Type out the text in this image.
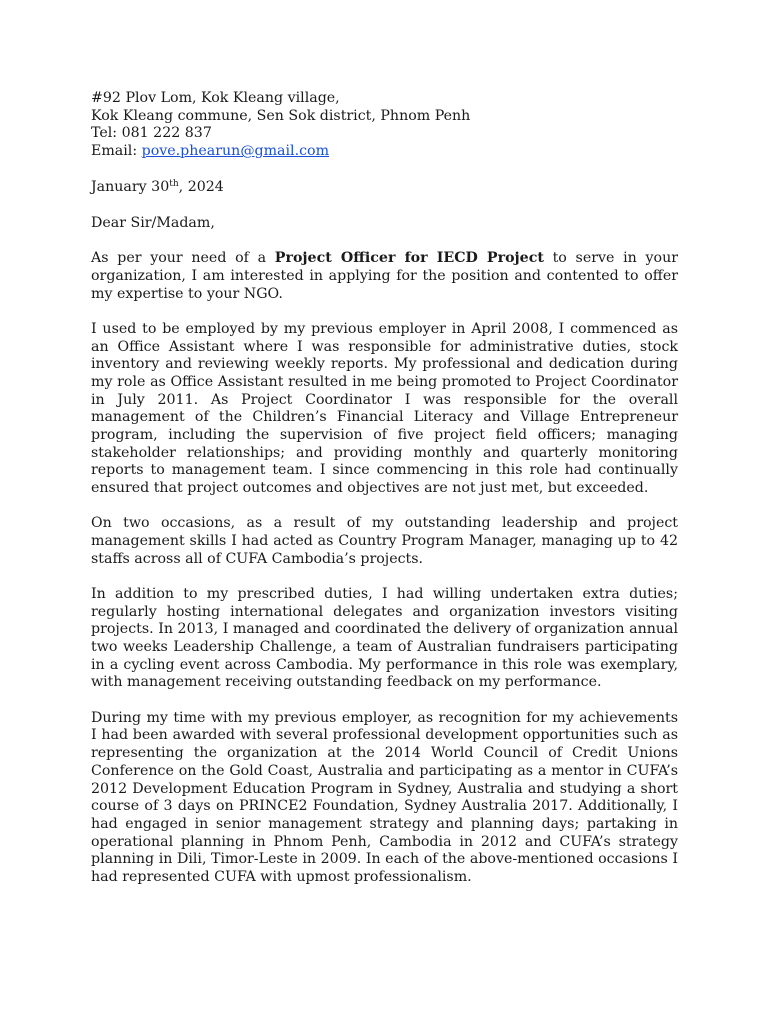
#92 Plov Lom, Kok Kleang village,
Kok Kleang commune, Sen Sok district, Phnom Penh
Tel: 081 222 837
Email: pove.phearun@gmail.com
January 30th, 2024
Dear Sir/Madam,

As per your need of a Project Officer for IECD Project to serve in your organization, I am interested in applying for the position and contented to offer my expertise to your NGO.

I used to be employed by my previous employer in April 2008, I commenced as an Office Assistant where I was responsible for administrative duties, stock inventory and reviewing weekly reports. My professional and dedication during my role as Office Assistant resulted in me being promoted to Project Coordinator in July 2011. As Project Coordinator I was responsible for the overall management of the Children’s Financial Literacy and Village Entrepreneur program, including the supervision of five project field officers; managing stakeholder relationships; and providing monthly and quarterly monitoring reports to management team. I since commencing in this role had continually ensured that project outcomes and objectives are not just met, but exceeded.

On two occasions, as a result of my outstanding leadership and project management skills I had acted as Country Program Manager, managing up to 42 staffs across all of CUFA Cambodia’s projects.

In addition to my prescribed duties, I had willing undertaken extra duties; regularly hosting international delegates and organization investors visiting projects. In 2013, I managed and coordinated the delivery of organization annual two weeks Leadership Challenge, a team of Australian fundraisers participating in a cycling event across Cambodia. My performance in this role was exemplary, with management receiving outstanding feedback on my performance.

During my time with my previous employer, as recognition for my achievements I had been awarded with several professional development opportunities such as representing the organization at the 2014 World Council of Credit Unions Conference on the Gold Coast, Australia and participating as a mentor in CUFA’s 2012 Development Education Program in Sydney, Australia and studying a short course of 3 days on PRINCE2 Foundation, Sydney Australia 2017. Additionally, I had engaged in senior management strategy and planning days; partaking in operational planning in Phnom Penh, Cambodia in 2012 and CUFA’s strategy planning in Dili, Timor-Leste in 2009. In each of the above-mentioned occasions I had represented CUFA with upmost professionalism.
